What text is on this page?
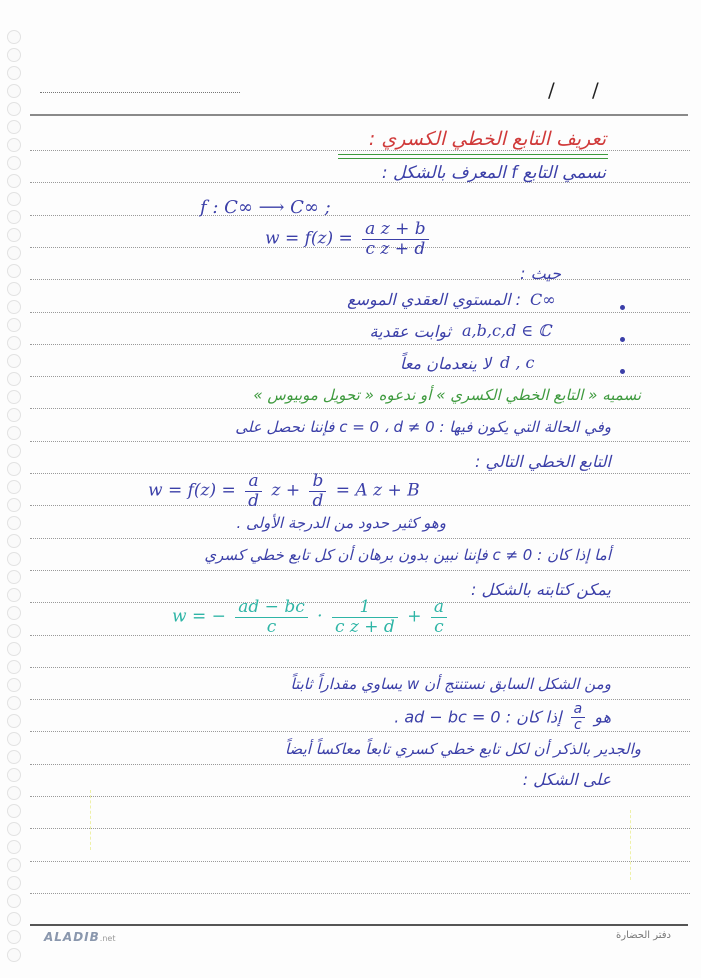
/ /
تعريف التابع الخطي الكسري :
نسمي التابع f المعرف بالشكل :
f : C∞ ⟶ C∞ ;
$w = f(z) = \frac{\text{a z + b}}{\text{c z + d}}$
حيث :
: المستوي العقدي الموسع C∞
ثوابت عقدية a,b,c,d ∈ ℂ
لا ينعدمان معاً d , c
نسميه « التابع الخطي الكسري » أو ندعوه « تحويل موبيوس »
وفي الحالة التي يكون فيها : c = 0 ، d ≠ 0 فإننا نحصل على
التابع الخطي التالي :
$w = f(z) = \frac{a}{d}$ $z + \frac{b}{d} = A$ z + B
وهو كثير حدود من الدرجة الأولى .
أما إذا كان : c ≠ 0 فإننا نبين بدون برهان أن كل تابع خطي كسري
يمكن كتابته بالشكل :
w = − $\frac{ad - bc}{c} \cdot \frac{1}{\text{c z + d}} + \frac{a}{c}$
ومن الشكل السابق نستنتج أن w يساوي مقداراً ثابتاً
هو
$\frac{a}{c}$
إذا كان : ad − bc = 0 .
والجدير بالذكر أن لكل تابع خطي كسري تابعاً معاكساً أيضاً
على الشكل :
ALADIB.net	دفتر الحضارة
